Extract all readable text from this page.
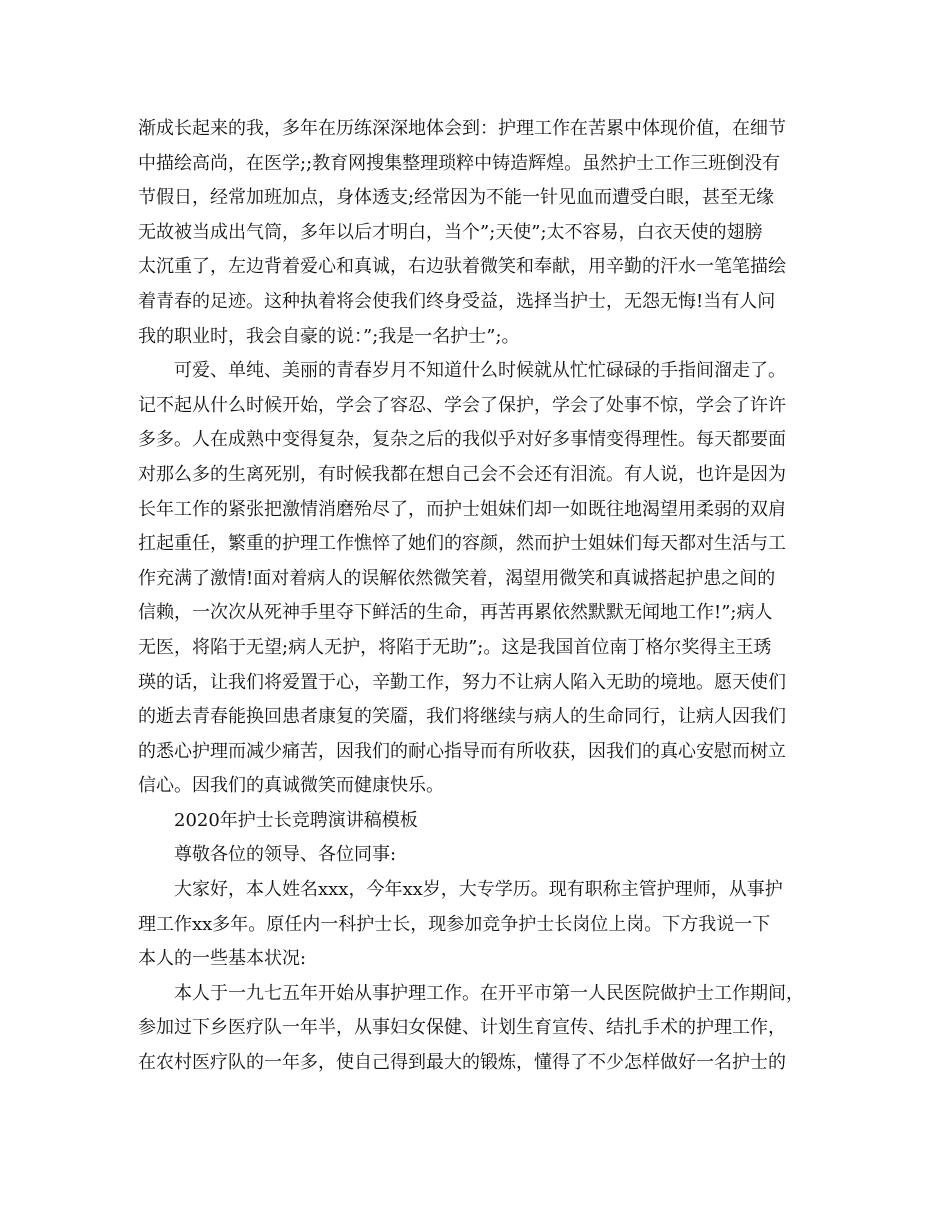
渐成长起来的我，多年在历练深深地体会到：护理工作在苦累中体现价值，在细节
中描绘高尚，在医学;;教育网搜集整理琐粹中铸造辉煌。虽然护士工作三班倒没有
节假日，经常加班加点，身体透支;经常因为不能一针见血而遭受白眼，甚至无缘
无故被当成出气筒，多年以后才明白，当个”;天使”;太不容易，白衣天使的翅膀
太沉重了，左边背着爱心和真诚，右边驮着微笑和奉献，用辛勤的汗水一笔笔描绘
着青春的足迹。这种执着将会使我们终身受益，选择当护士，无怨无悔!当有人问
我的职业时，我会自豪的说：”;我是一名护士”;。
可爱、单纯、美丽的青春岁月不知道什么时候就从忙忙碌碌的手指间溜走了。
记不起从什么时候开始，学会了容忍、学会了保护，学会了处事不惊，学会了许许
多多。人在成熟中变得复杂，复杂之后的我似乎对好多事情变得理性。每天都要面
对那么多的生离死别，有时候我都在想自己会不会还有泪流。有人说，也许是因为
长年工作的紧张把激情消磨殆尽了，而护士姐妹们却一如既往地渴望用柔弱的双肩
扛起重任，繁重的护理工作憔悴了她们的容颜，然而护士姐妹们每天都对生活与工
作充满了激情!面对着病人的误解依然微笑着，渴望用微笑和真诚搭起护患之间的
信赖，一次次从死神手里夺下鲜活的生命，再苦再累依然默默无闻地工作!”;病人
无医，将陷于无望;病人无护，将陷于无助”;。这是我国首位南丁格尔奖得主王琇
瑛的话，让我们将爱置于心，辛勤工作，努力不让病人陷入无助的境地。愿天使们
的逝去青春能换回患者康复的笑靥，我们将继续与病人的生命同行，让病人因我们
的悉心护理而减少痛苦，因我们的耐心指导而有所收获，因我们的真心安慰而树立
信心。因我们的真诚微笑而健康快乐。
2020年护士长竞聘演讲稿模板
尊敬各位的领导、各位同事:
大家好，本人姓名xxx，今年xx岁，大专学历。现有职称主管护理师，从事护
理工作xx多年。原任内一科护士长，现参加竞争护士长岗位上岗。下方我说一下
本人的一些基本状况:
本人于一九七五年开始从事护理工作。在开平市第一人民医院做护士工作期间，
参加过下乡医疗队一年半，从事妇女保健、计划生育宣传、结扎手术的护理工作，
在农村医疗队的一年多，使自己得到最大的锻炼，懂得了不少怎样做好一名护士的
